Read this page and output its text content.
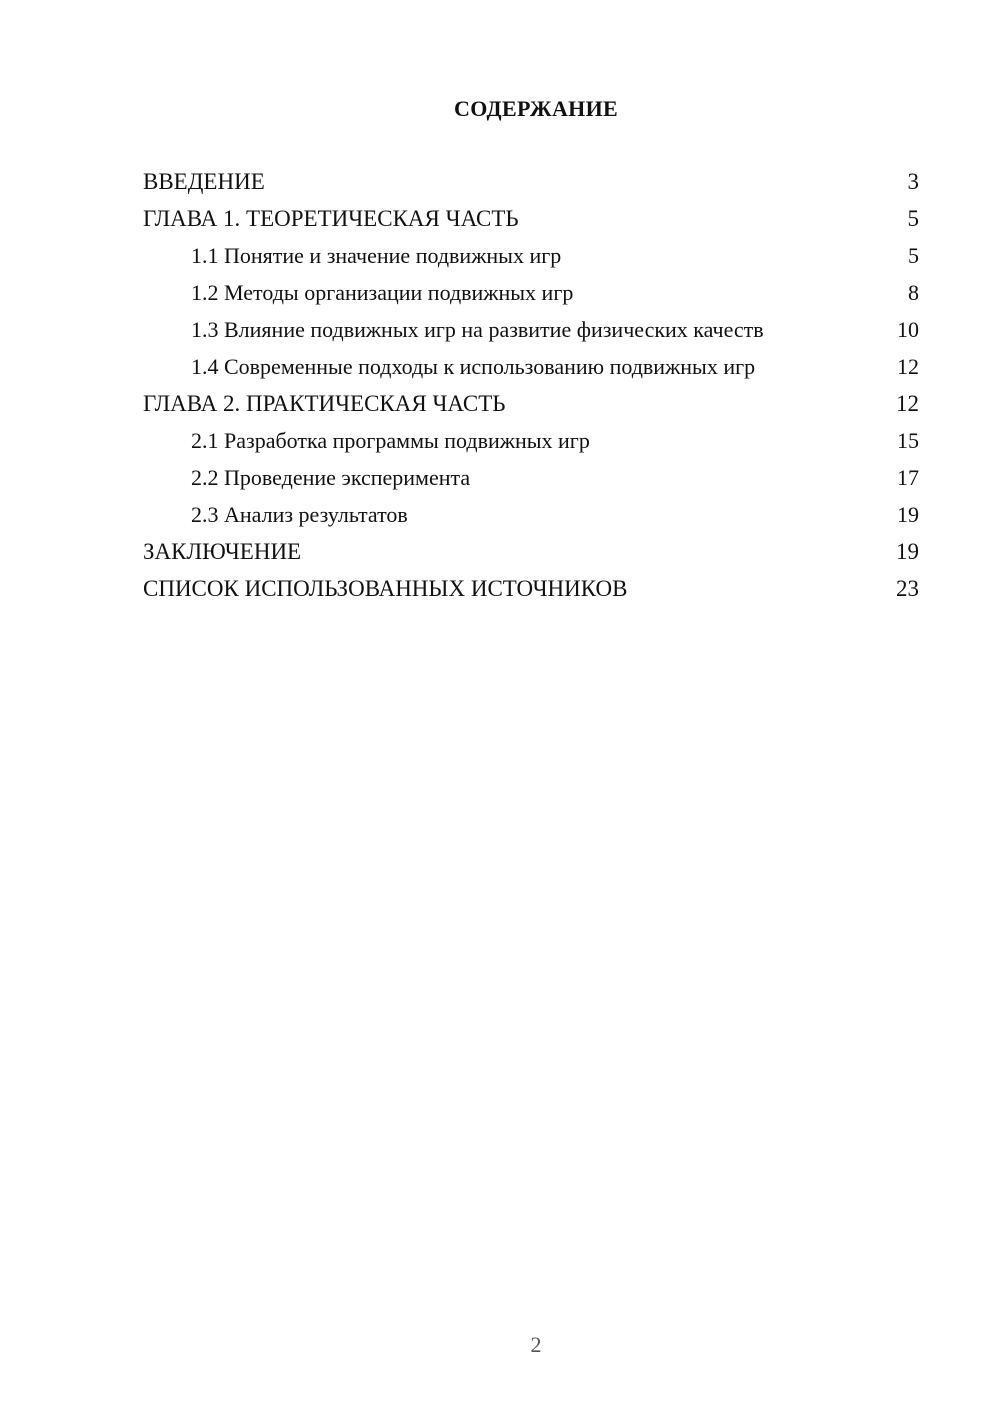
СОДЕРЖАНИЕ
ВВЕДЕНИЕ	3
ГЛАВА 1. ТЕОРЕТИЧЕСКАЯ ЧАСТЬ	5
1.1 Понятие и значение подвижных игр	5
1.2 Методы организации подвижных игр	8
1.3 Влияние подвижных игр на развитие физических качеств	10
1.4 Современные подходы к использованию подвижных игр	12
ГЛАВА 2. ПРАКТИЧЕСКАЯ ЧАСТЬ	12
2.1 Разработка программы подвижных игр	15
2.2 Проведение эксперимента	17
2.3 Анализ результатов	19
ЗАКЛЮЧЕНИЕ	19
СПИСОК ИСПОЛЬЗОВАННЫХ ИСТОЧНИКОВ	23
2
